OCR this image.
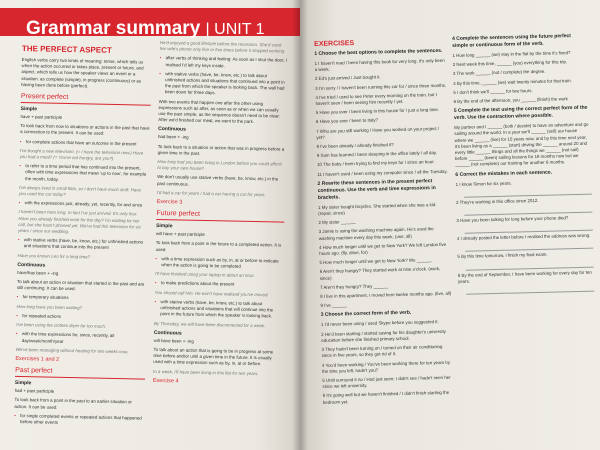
Grammar summary | UNIT 1
THE PERFECT ASPECT

English verbs carry two kinds of meaning: tense, which tells us when the action occurred or takes place, present or future, and aspect, which tells us how the speaker views an event or a situation: as complete (simple), in progress (continuous) or as having been done before (perfect).

Present perfect
Simple

have + past participle

To look back from now to situations or actions in the past that have a connection to the present. It can be used:

• for complete actions that have an outcome in the present

I've bought a new television. (= I have the television now.) Have you had a meal? (= You're not hungry, are you?)

• to refer to a time period that has continued into the present, often with time expressions that mean 'up to now', for example the month, today.

I've always lived in small flats, so I don't have much stuff. Have you used the car today?

• with the expressions just, already, yet, recently, for and since

I haven't been here long. In fact I've just arrived. It's only four. Have you already finished work for the day? I'm waiting for her call, but she hasn't phoned yet. We've had this television for six years / since our wedding.

• with stative verbs (have, be, know, etc.) for unfinished actions and situations that continue into the present

Have you known Leo for a long time?

Continuous

have/has been + -ing

To talk about an action or situation that started in the past and are still continuing. It can be used:

• for temporary situations

How long have you been waiting?

• for repeated actions

I've been using the clothes dryer far too much.

• with the time expressions for, since, recently, all day/week/month/year

We've been managing without heating for two weeks now.

Exercises 1 and 2
Past perfect
Simple

had + past participle

To look back from a point in the past to an earlier situation or action. It can be used:

• for single completed events or repeated actions that happened before other events

He'd enjoyed a good lifestyle before the recession. She'd used her wife's phone only five or five times before it stopped working.

• after verbs of thinking and feeling: As soon as I shut the door, I realised I'd left my keys inside.

• with stative verbs (have, be, know, etc.) to talk about unfinished actions and situations that continued into a point in the past from which the speaker is looking back. The wall had been down for three days.

With two events that happen one after the other using expressions such as after, as soon as or when we can usually use the past simple, as the sequence doesn't need to be clear: After we'd finished our meal, we went to the park.

Continuous

had been + -ing

To look back to a situation or action that was in progress before a given time in the past.

How long had you been living in London before you could afford to buy your own house?

We don't usually use stative verbs (have, be, know, etc.) in the past continuous.

I'd had a car for years / had a car having a car for years.

Exercise 3
Future perfect
Simple

will have + past participle

To look back from a point in the future to a completed action. It is used:

• with a time expression such as by, in, at or before to indicate when the action is going to be completed

I'll have finished using your laptop in about an hour.

• to make predictions about the present

You should call him. He won't have realised you've moved.

• with stative verbs (have, be, know, etc.) to talk about unfinished actions and situations that will continue into the point in the future from which the speaker is looking back.

By Thursday, we will have been disconnected for a week.

Continuous

will have been + -ing

To talk about an action that is going to be in progress at some time before and/or until a given time in the future. It is usually used with a time expression such as by, in, at or before.

In a week, I'll have been living in this flat for two years.

Exercise 4
EXERCISES

1 Choose the best options to complete the sentences.

1 I haven't read / been having this book for very long. It's only been a week.

2 Ed's just arrived / Just bought it.

3 I'm sorry / I haven't been running this car for / since three months.

4 I've tried / used to see Peter every morning on the train, but I haven't seen / been seeing him recently / yet.

5 Have you ever / been living in this house for / just a long time.

6 Have you ever / been to Italy?

7 Who are you still working / Have you worked on your project / yet?

8 I've been already / already finished it?

9 Sam has learned / been sleeping in the office lately / all day.

10 The baby / been trying to find my keys for / since an hour.

11 I haven't used / been using my computer since / all the Tuesday.

2 Rewrite these sentences in the present perfect continuous. Use the verb and time expressions in brackets.

1 My sister bought bicycles. She started when she was a kid. (repair, since)

2 My sister ______

3 Jamie is using the washing machine again. He's used the washing machine every day this week. (use, all)

4 How much longer until we get to New York? We left London five hours ago. (fly, drive, for)

5 How much longer until we get to New York? We ______

6 Aren't they hungry? They started work at nine o'clock. (work, since)

7 Aren't they hungry? They ______

8 I live in this apartment. I moved here twelve months ago. (live, all)

9 I've ______

3 Choose the correct form of the verb.

1 I'd never been using / used Skype before you suggested it.

2 He'd been starting / started saving for his daughter's university education before she finished primary school.

3 They hadn't been turning on / turned on their air conditioning since in five years, so they got rid of it.

4 You'd been working / You've been working there for ten years by the time you left, hadn't you?

5 Until surround it no / Had just seen; I didn't see / hadn't seen her since we left university.

6 It's going well but we haven't finished / I didn't finish starting the bedroom yet.

4 Complete the sentences using the future perfect simple or continuous form of the verb.

1 How long ______ (we) stay in the flat by the time it's fixed?

2 Next week this time, ______ (you) everything for this trip.

3 The work ______ (not / complete) the degree.

4 By this time, ______ (we) wait twenty minutes for that train.

5 I don't think we'll ______ for two hours.

6 By the end of the afternoon, you ______ (finish) the work

5 Complete the text using the correct perfect form of the verb. Use the contraction where possible.

My partner and I ______ (both / decide) to have an adventure and go sailing around the world. In a year we'll ______ (sell) our house where we ______ (live) for 15 years now, and by this time next year, it's been living as a ______ (start) driving the ______ around 20 and every little ______ things and all the things we ______ (not sail) before ______ (been) sailing lessons for 18 months now but we ______ (not complete) our training for another 6 months.

6 Correct the mistakes in each sentence.

1 I know Simon for six years.

2 They're working in this office since 2012.

3 Have you been talking for long before your phone died?

4 I already posted the letter before I realised the address was wrong.

5 By this time tomorrow, I finish my final exam.

6 By the end of September, I have been working for every day for ten years.
